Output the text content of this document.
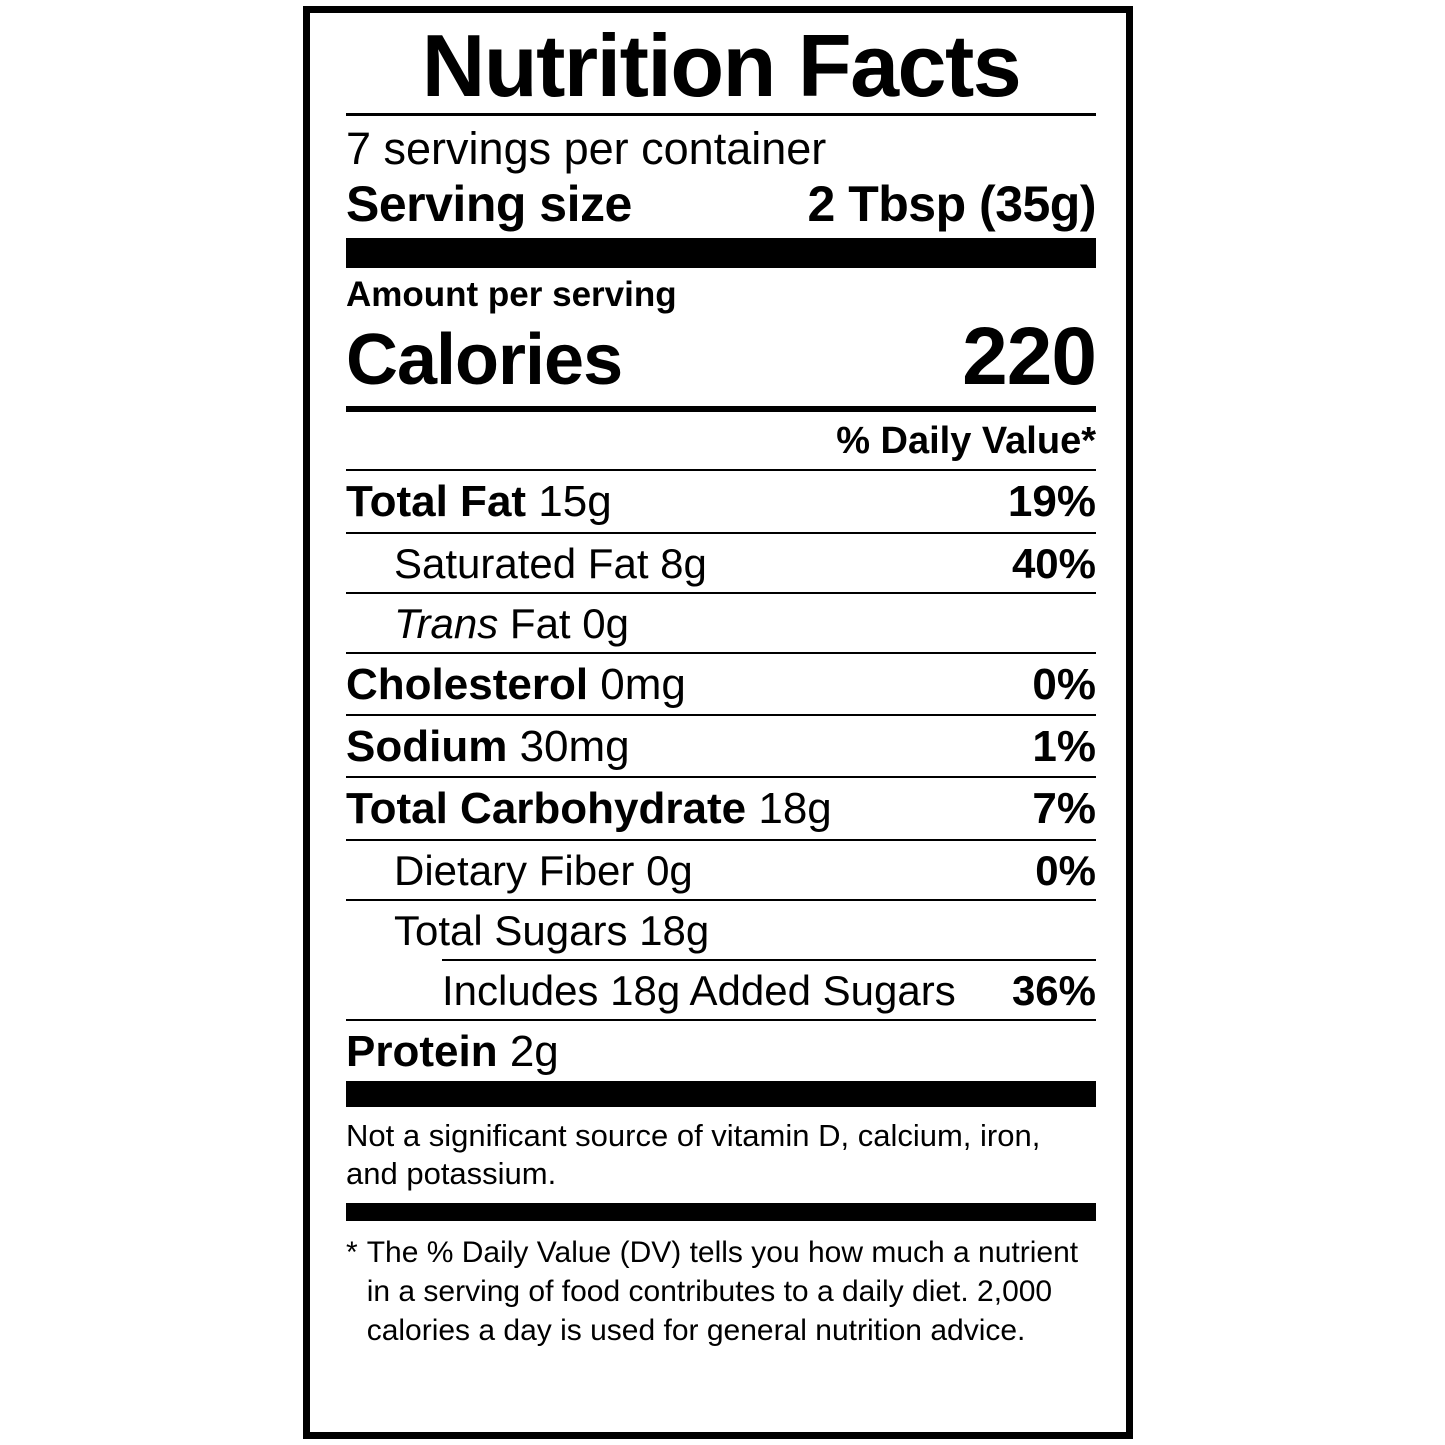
Nutrition Facts
7 servings per container
Serving size	2 Tbsp (35g)
Amount per serving
Calories	220
% Daily Value*
Total Fat 15g	19%
Saturated Fat 8g	40%
Trans Fat 0g
Cholesterol 0mg	0%
Sodium 30mg	1%
Total Carbohydrate 18g	7%
Dietary Fiber 0g	0%
Total Sugars 18g
Includes 18g Added Sugars 36%
Protein 2g
Not a significant source of vitamin D, calcium, iron, and potassium.
* The % Daily Value (DV) tells you how much a nutrient in a serving of food contributes to a daily diet. 2,000 calories a day is used for general nutrition advice.
